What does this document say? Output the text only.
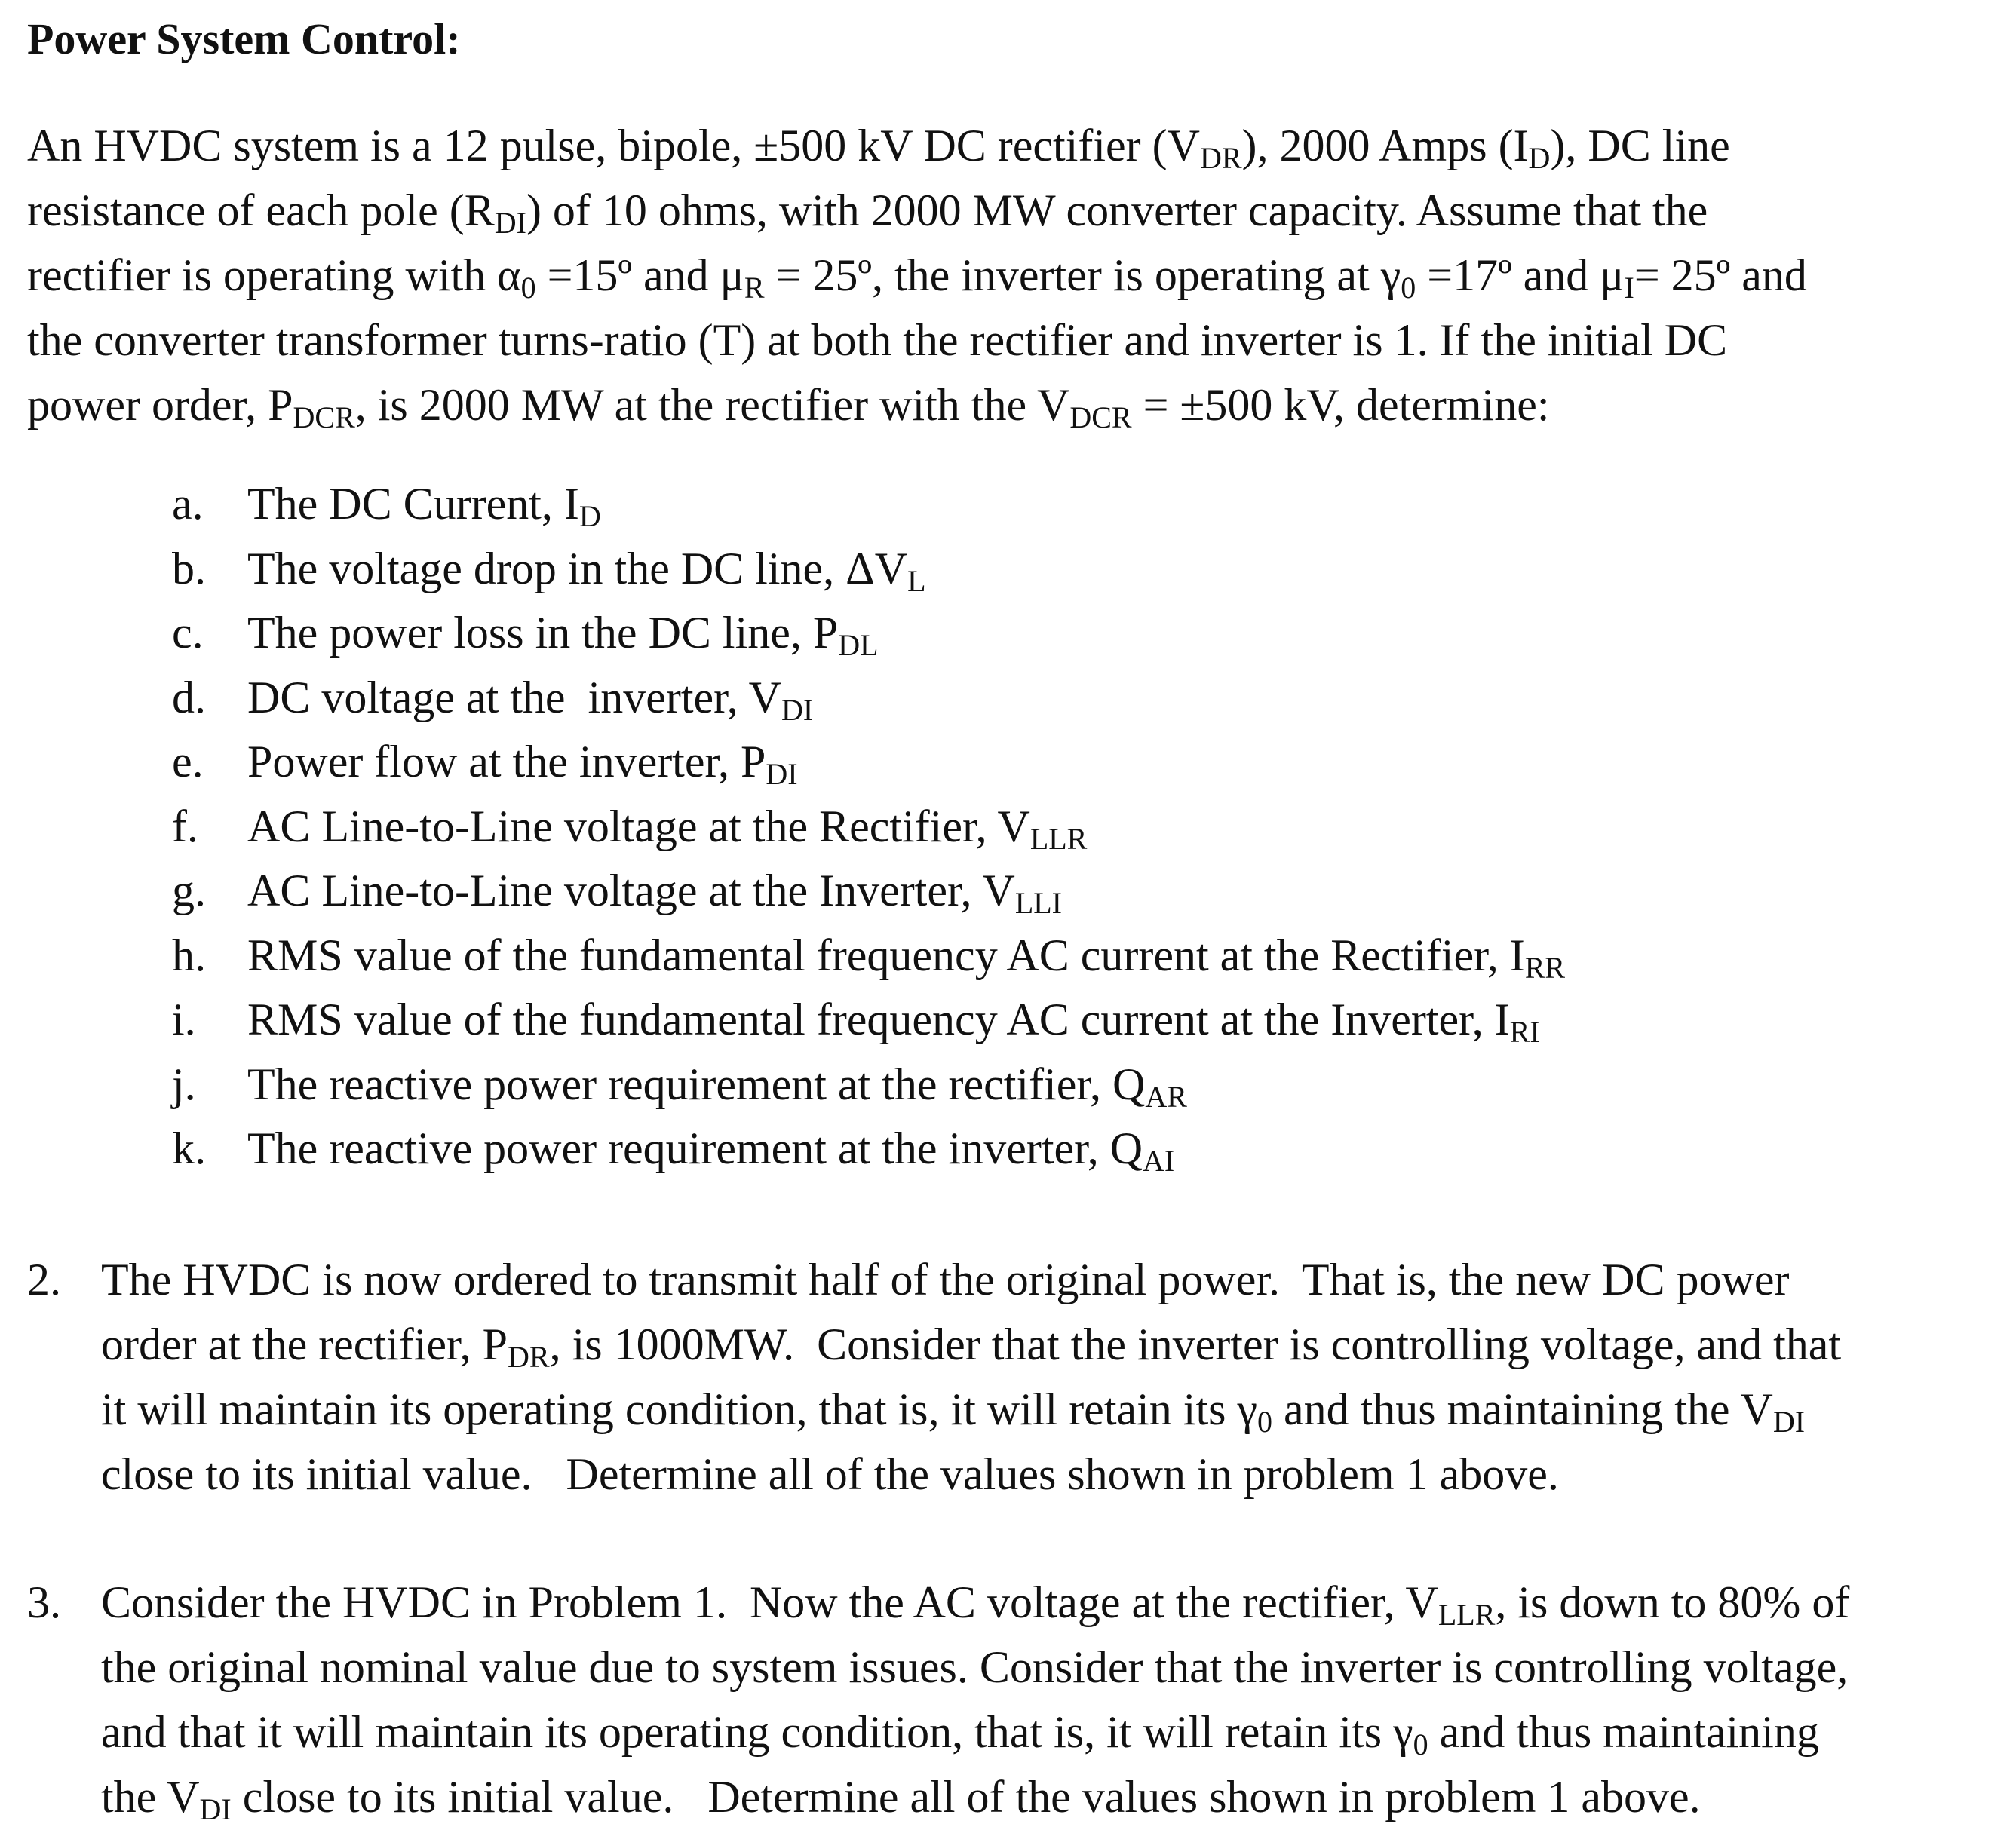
Power System Control:
An HVDC system is a 12 pulse, bipole, ±500 kV DC rectifier $(V_{DR})$, 2000 Amps $(I_D)$, DC line
resistance of each pole $(R_{DI})$ of 10 ohms, with 2000 MW converter capacity. Assume that the
rectifier is operating with $\alpha_0$ =15º and $\mu_R$ = 25º, the inverter is operating at $\gamma_0$ =17º and $\mu_I=$ 25º and
the converter transformer turns-ratio (T) at both the rectifier and inverter is 1. If the initial DC
power order, $P_{DCR}$, is 2000 MW at the rectifier with the $V_{DCR} = \pm 500$ kV, determine:
a. The DC Current, $I_D$
b. The voltage drop in the DC line, $\Delta V_L$
c. The power loss in the DC line, $P_{DL}$
d. DC voltage at the  inverter, $V_{DI}$
e. Power flow at the inverter, $P_{DI}$
f.	AC Line-to-Line voltage at the Rectifier, $V_{LLR}$
g. AC Line-to-Line voltage at the Inverter, $V_{LLI}$
h. RMS value of the fundamental frequency AC current at the Rectifier, $I_{RR}$
i.	RMS value of the fundamental frequency AC current at the Inverter, $I_{RI}$
j.	The reactive power requirement at the rectifier, $Q_{AR}$
k. The reactive power requirement at the inverter, $Q_{AI}$
2. The HVDC is now ordered to transmit half of the original power.  That is, the new DC power
order at the rectifier, $P_{DR}$, is 1000MW.  Consider that the inverter is controlling voltage, and that
it will maintain its operating condition, that is, it will retain its $\gamma_0$ and thus maintaining the $V_{DI}$
close to its initial value.   Determine all of the values shown in problem 1 above.
3. Consider the HVDC in Problem 1.  Now the AC voltage at the rectifier, $V_{LLR}$, is down to 80% of
the original nominal value due to system issues. Consider that the inverter is controlling voltage,
and that it will maintain its operating condition, that is, it will retain its $\gamma_0$ and thus maintaining
the $V_{DI}$ close to its initial value.   Determine all of the values shown in problem 1 above.
